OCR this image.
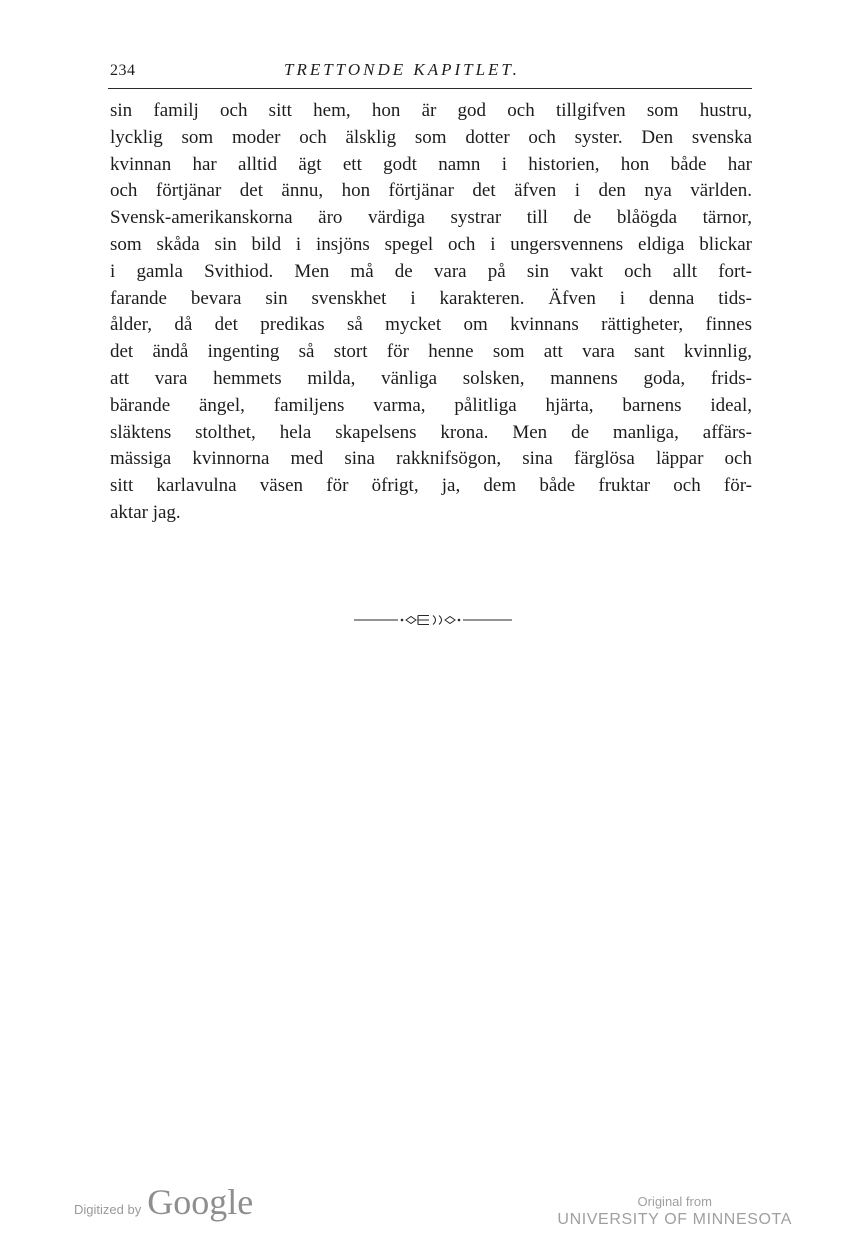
234	TRETTONDE KAPITLET.
sin familj och sitt hem, hon är god och tillgifven som hustru,
lycklig som moder och älsklig som dotter och syster. Den svenska
kvinnan har alltid ägt ett godt namn i historien, hon både har
och förtjänar det ännu, hon förtjänar det äfven i den nya världen.
Svensk-amerikanskorna äro värdiga systrar till de blåögda tärnor,
som skåda sin bild i insjöns spegel och i ungersvennens eldiga blickar
i gamla Svithiod. Men må de vara på sin vakt och allt fort-
farande bevara sin svenskhet i karakteren. Äfven i denna tids-
ålder, då det predikas så mycket om kvinnans rättigheter, finnes
det ändå ingenting så stort för henne som att vara sant kvinnlig,
att vara hemmets milda, vänliga solsken, mannens goda, frids-
bärande ängel, familjens varma, pålitliga hjärta, barnens ideal,
släktens stolthet, hela skapelsens krona. Men de manliga, affärs-
mässiga kvinnorna med sina rakknifsögon, sina färglösa läppar och
sitt karlavulna väsen för öfrigt, ja, dem både fruktar och för-
aktar jag.
Digitized by Google	Original from
UNIVERSITY OF MINNESOTA
